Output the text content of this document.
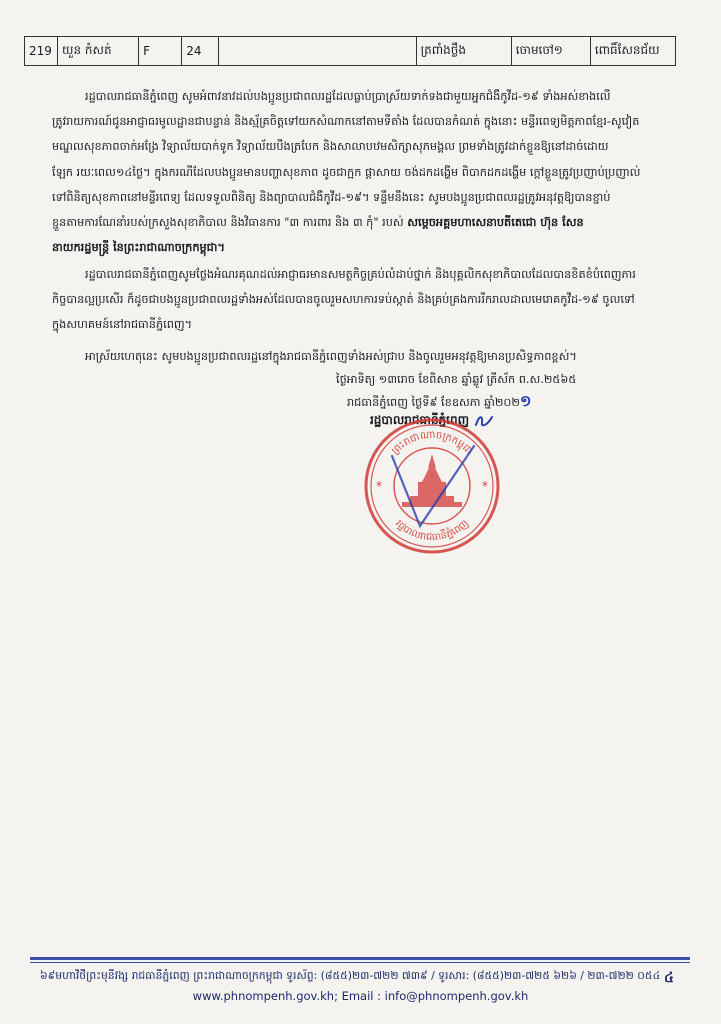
219	យួន កំសត់	F	24		ត្រពាំងថ្លឹង	ចោមចៅ១	ពោធិ៍សែនជ័យ
រដ្ឋបាលរាជធានីភ្នំពេញ សូមអំពាវនាវដល់បងប្អូនប្រជាពលរដ្ឋដែលធ្លាប់ប្រាស្រ័យទាក់ទងជាមួយអ្នកជំងឺកូវីដ-១៩ ទាំងអស់ខាងលើ
ត្រូវរាយការណ៍ជូនអាជ្ញាធរមូលដ្ឋានជាបន្ទាន់ និងស្ម័គ្រចិត្តទៅយកសំណាកនៅតាមទីតាំង ដែលបានកំណត់ ក្នុងនោះ មន្ទីរពេទ្យមិត្តភាពខ្មែរ-សូវៀត
មណ្ឌលសុខភាពចាក់អង្រែ វិទ្យាល័យបាក់ទូក វិទ្យាល័យបឹងត្របែក និងសាលាបឋមសិក្សាសុភមង្គល ព្រមទាំងត្រូវដាក់ខ្លួនឱ្យនៅដាច់ដោយ
ឡែក រយៈពេល១៤ថ្ងៃ។ ក្នុងករណីដែលបងប្អូនមានបញ្ហាសុខភាព ដូចជាក្អក ផ្តាសាយ ចង់ដកដង្ហើម ពិបាកដកដង្ហើម ក្តៅខ្លួនត្រូវប្រញាប់ប្រញាល់
ទៅពិនិត្យសុខភាពនៅមន្ទីរពេទ្យ ដែលទទួលពិនិត្យ និងព្យាបាលជំងឺកូវីដ-១៩។ ទន្ទឹមនឹងនេះ សូមបងប្អូនប្រជាពលរដ្ឋត្រូវអនុវត្តឱ្យបានខ្ជាប់
ខ្ជួនតាមការណែនាំរបស់ក្រសួងសុខាភិបាល និងវិធានការ "៣ ការពារ និង ៣ កុំ" របស់ សម្តេចអគ្គមហាសេនាបតីតេជោ ហ៊ុន សែន
នាយករដ្ឋមន្ត្រី នៃព្រះរាជាណាចក្រកម្ពុជា។
រដ្ឋបាលរាជធានីភ្នំពេញសូមថ្លែងអំណរគុណដល់អាជ្ញាធរមានសមត្ថកិច្ចគ្រប់លំដាប់ថ្នាក់ និងបុគ្គលិកសុខាភិបាលដែលបានខិតខំបំពេញភារ
កិច្ចបានល្អប្រសើរ ក៏ដូចជាបងប្អូនប្រជាពលរដ្ឋទាំងអស់ដែលបានចូលរួមសហការទប់ស្កាត់ និងគ្រប់គ្រងការរីករាលដាលមេរោគកូវីដ-១៩ ចូលទៅ
ក្នុងសហគមន៍នៅរាជធានីភ្នំពេញ។
អាស្រ័យហេតុនេះ សូមបងប្អូនប្រជាពលរដ្ឋនៅក្នុងរាជធានីភ្នំពេញទាំងអស់ជ្រាប និងចូលរួមអនុវត្តឱ្យមានប្រសិទ្ធភាពខ្ពស់។
ថ្ងៃអាទិត្យ ១៣រោច ខែពិសាខ ឆ្នាំឆ្លូវ ត្រីស័ក ព.ស.២៥៦៥
រាជធានីភ្នំពេញ ថ្ងៃទី៩ ខែឧសភា ឆ្នាំ២០២១
រដ្ឋបាលរាជធានីភ្នំពេញ
ព្រះរាជាណាចក្រកម្ពុជា
រដ្ឋបាលរាជធានីភ្នំពេញ
*	*
៦៩មហាវិថីព្រះមុនីវង្ស រាជធានីភ្នំពេញ ព្រះរាជាណាចក្រកម្ពុជា ទូរស័ព្ទ: (៨៥៥)២៣-៧២២ ៧៣៩ / ទូរសារ: (៨៥៥)២៣-៧២៥ ៦២៦ / ២៣-៧២២ ០៥៤ ៤
www.phnompenh.gov.kh; Email : info@phnompenh.gov.kh
